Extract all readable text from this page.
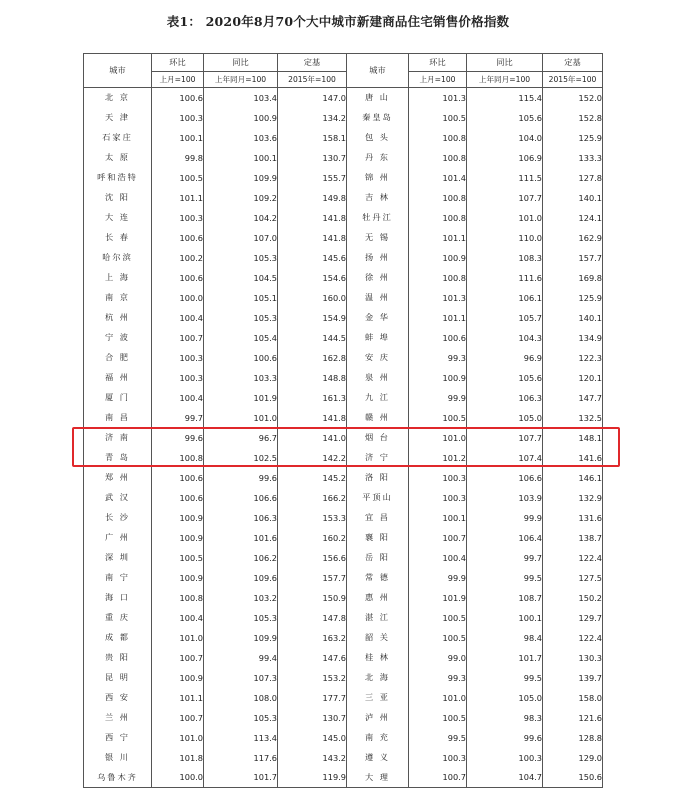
表1： 2020年8月70个大中城市新建商品住宅销售价格指数
城市	环比	同比	定基	城市	环比	同比	定基
	上月=100	上年同月=100	2015年=100		上月=100	上年同月=100	2015年=100
北 京	100.6	103.4	147.0	唐 山	101.3	115.4	152.0
天 津	100.3	100.9	134.2	秦皇岛	100.5	105.6	152.8
石家庄	100.1	103.6	158.1	包 头	100.8	104.0	125.9
太 原	99.8	100.1	130.7	丹 东	100.8	106.9	133.3
呼和浩特	100.5	109.9	155.7	锦 州	101.4	111.5	127.8
沈 阳	101.1	109.2	149.8	吉 林	100.8	107.7	140.1
大 连	100.3	104.2	141.8	牡丹江	100.8	101.0	124.1
长 春	100.6	107.0	141.8	无 锡	101.1	110.0	162.9
哈尔滨	100.2	105.3	145.6	扬 州	100.9	108.3	157.7
上 海	100.6	104.5	154.6	徐 州	100.8	111.6	169.8
南 京	100.0	105.1	160.0	温 州	101.3	106.1	125.9
杭 州	100.4	105.3	154.9	金 华	101.1	105.7	140.1
宁 波	100.7	105.4	144.5	蚌 埠	100.6	104.3	134.9
合 肥	100.3	100.6	162.8	安 庆	99.3	96.9	122.3
福 州	100.3	103.3	148.8	泉 州	100.9	105.6	120.1
厦 门	100.4	101.9	161.3	九 江	99.9	106.3	147.7
南 昌	99.7	101.0	141.8	赣 州	100.5	105.0	132.5
济 南	99.6	96.7	141.0	烟 台	101.0	107.7	148.1
青 岛	100.8	102.5	142.2	济 宁	101.2	107.4	141.6
郑 州	100.6	99.6	145.2	洛 阳	100.3	106.6	146.1
武 汉	100.6	106.6	166.2	平顶山	100.3	103.9	132.9
长 沙	100.9	106.3	153.3	宜 昌	100.1	99.9	131.6
广 州	100.9	101.6	160.2	襄 阳	100.7	106.4	138.7
深 圳	100.5	106.2	156.6	岳 阳	100.4	99.7	122.4
南 宁	100.9	109.6	157.7	常 德	99.9	99.5	127.5
海 口	100.8	103.2	150.9	惠 州	101.9	108.7	150.2
重 庆	100.4	105.3	147.8	湛 江	100.5	100.1	129.7
成 都	101.0	109.9	163.2	韶 关	100.5	98.4	122.4
贵 阳	100.7	99.4	147.6	桂 林	99.0	101.7	130.3
昆 明	100.9	107.3	153.2	北 海	99.3	99.5	139.7
西 安	101.1	108.0	177.7	三 亚	101.0	105.0	158.0
兰 州	100.7	105.3	130.7	泸 州	100.5	98.3	121.6
西 宁	101.0	113.4	145.0	南 充	99.5	99.6	128.8
银 川	101.8	117.6	143.2	遵 义	100.3	100.3	129.0
乌鲁木齐	100.0	101.7	119.9	大 理	100.7	104.7	150.6
